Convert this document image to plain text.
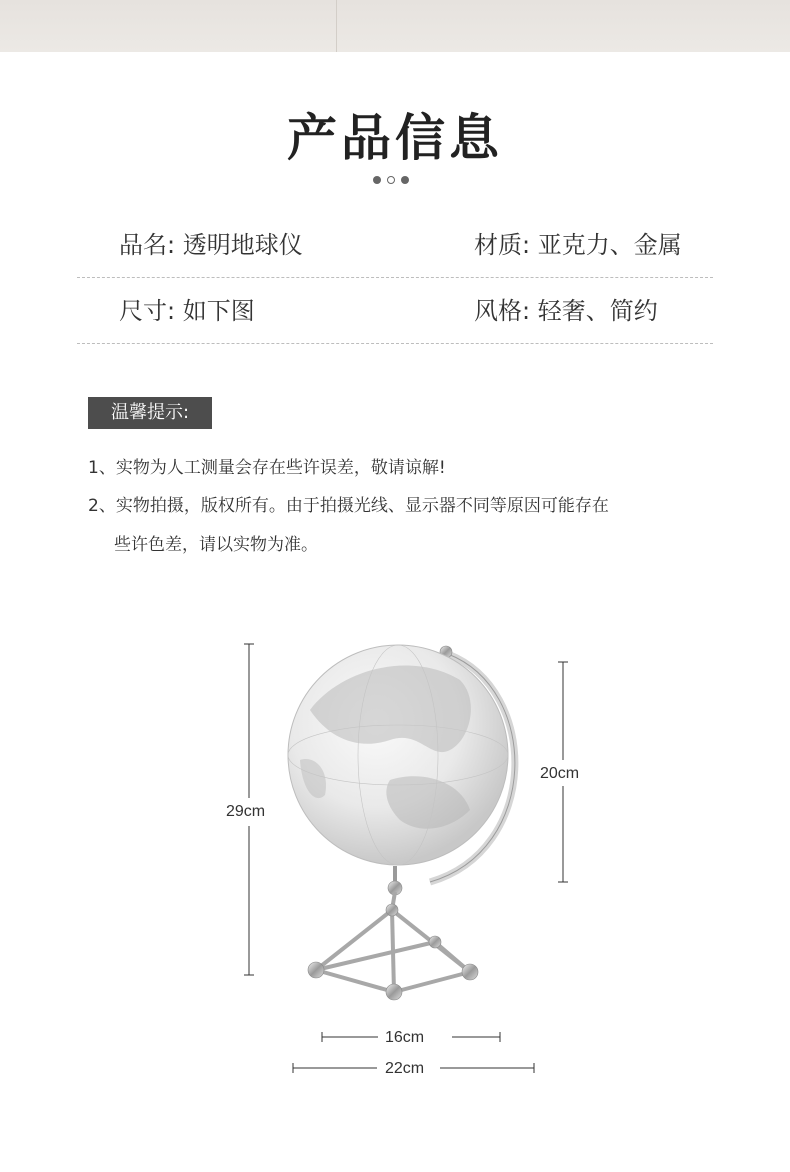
产品信息
品名: 透明地球仪	材质: 亚克力、金属
尺寸: 如下图	风格: 轻奢、简约
温馨提示:
1、实物为人工测量会存在些许误差，敬请谅解!
2、实物拍摄，版权所有。由于拍摄光线、显示器不同等原因可能存在
些许色差，请以实物为准。
29cm
20cm
16cm
22cm
